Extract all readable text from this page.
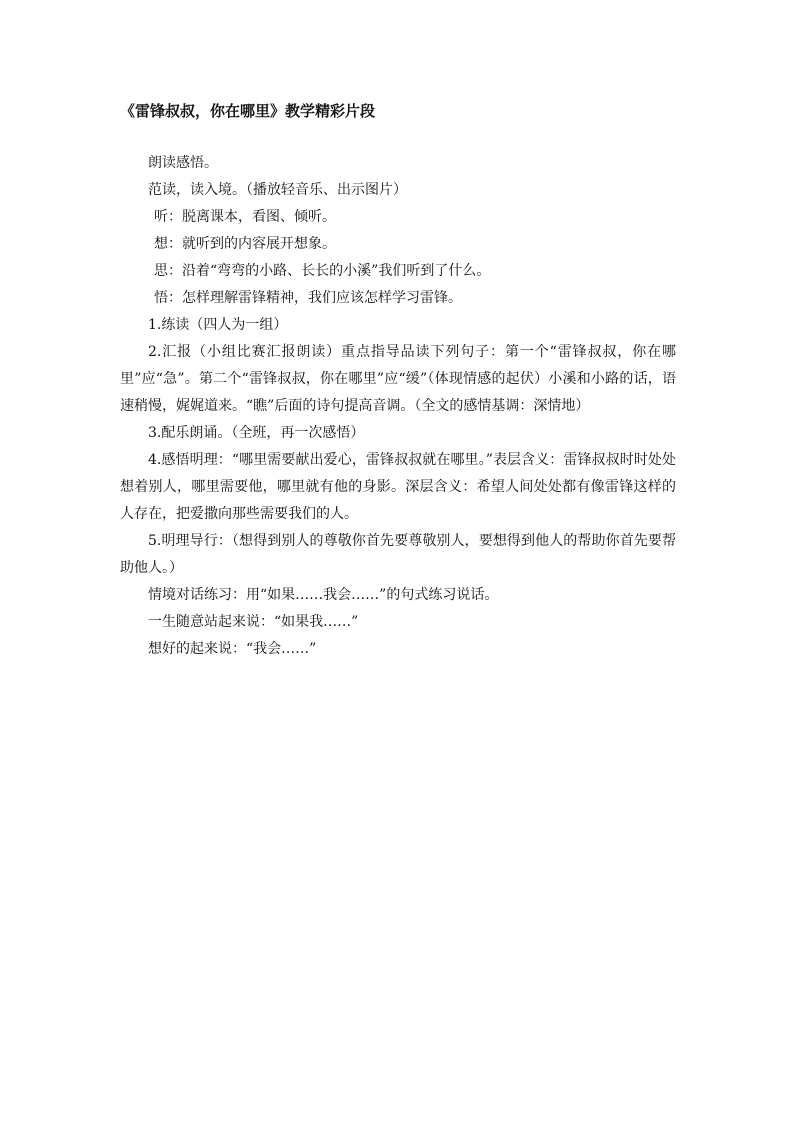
《雷锋叔叔，你在哪里》教学精彩片段

朗读感悟。

范读，读入境。（播放轻音乐、出示图片）

听：脱离课本，看图、倾听。

想：就听到的内容展开想象。

思：沿着“弯弯的小路、长长的小溪”我们听到了什么。

悟：怎样理解雷锋精神，我们应该怎样学习雷锋。

1.练读（四人为一组）

2.汇报（小组比赛汇报朗读）重点指导品读下列句子：第一个“雷锋叔叔，你在哪里”应“急”。第二个“雷锋叔叔，你在哪里”应“缓”（体现情感的起伏）小溪和小路的话，语速稍慢，娓娓道来。“瞧”后面的诗句提高音调。（全文的感情基调：深情地）

3.配乐朗诵。（全班，再一次感悟）

4.感悟明理：“哪里需要献出爱心，雷锋叔叔就在哪里。”表层含义：雷锋叔叔时时处处想着别人，哪里需要他，哪里就有他的身影。深层含义：希望人间处处都有像雷锋这样的人存在，把爱撒向那些需要我们的人。

5.明理导行：（想得到别人的尊敬你首先要尊敬别人，要想得到他人的帮助你首先要帮助他人。）

情境对话练习：用“如果……我会……”的句式练习说话。

一生随意站起来说：“如果我……”

想好的起来说：“我会……”
